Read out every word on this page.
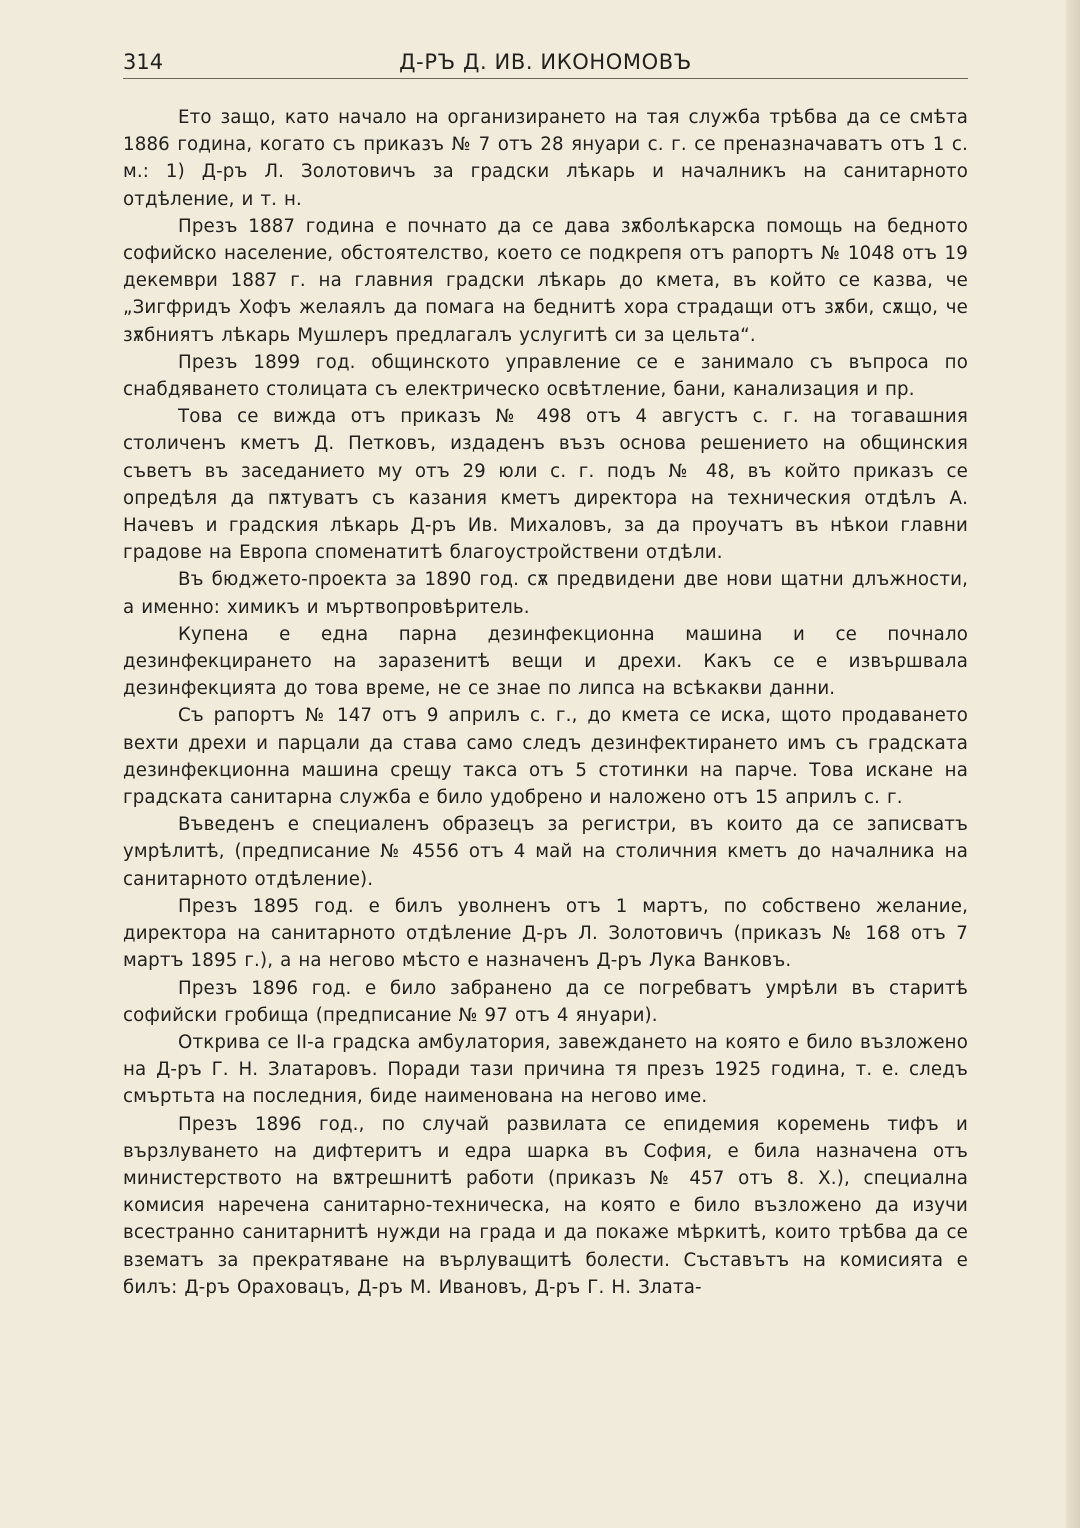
314	Д-РЪ Д. ИВ. ИКОНОМОВЪ

Ето защо, като начало на организирането на тая служба трѣбва да се смѣта 1886 година, когато съ приказъ № 7 отъ 28 януари с. г. се преназначаватъ отъ 1 с. м.: 1) Д-ръ Л. Золотовичъ за градски лѣкарь и началникъ на санитарното отдѣление, и т. н.

Презъ 1887 година е почнато да се дава зѫболѣкарска помощь на бедното софийско население, обстоятелство, което се подкрепя отъ рапортъ № 1048 отъ 19 декември 1887 г. на главния градски лѣкарь до кмета, въ който се казва, че „Зигфридъ Хофъ желаялъ да помага на беднитѣ хора страдащи отъ зѫби, сѫщо, че зѫбниятъ лѣкарь Мушлеръ предлагалъ услугитѣ си за цельта“.

Презъ 1899 год. общинското управление се е занимало съ въпроса по снабдяването столицата съ електрическо освѣтление, бани, канализация и пр.

Това се вижда отъ приказъ № 498 отъ 4 августъ с. г. на тогавашния столиченъ кметъ Д. Петковъ, издаденъ възъ основа решението на общинския съветъ въ заседанието му отъ 29 юли с. г. подъ № 48, въ който приказъ се опредѣля да пѫтуватъ съ казания кметъ директора на техническия отдѣлъ А. Начевъ и градския лѣкарь Д-ръ Ив. Михаловъ, за да проучатъ въ нѣкои главни градове на Европа споменатитѣ благоустройствени отдѣли.

Въ бюджето-проекта за 1890 год. сѫ предвидени две нови щатни длъжности, а именно: химикъ и мъртвопровѣритель.

Купена е една парна дезинфекционна машина и се почнало дезинфекцирането на заразенитѣ вещи и дрехи. Какъ се е извършвала дезинфекцията до това време, не се знае по липса на всѣкакви данни.

Съ рапортъ № 147 отъ 9 априлъ с. г., до кмета се иска, щото продаването вехти дрехи и парцали да става само следъ дезинфектирането имъ съ градската дезинфекционна машина срещу такса отъ 5 стотинки на парче. Това искане на градската санитарна служба е било удобрено и наложено отъ 15 априлъ с. г.

Въведенъ е специаленъ образецъ за регистри, въ които да се записватъ умрѣлитѣ, (предписание № 4556 отъ 4 май на столичния кметъ до началника на санитарното отдѣление).

Презъ 1895 год. е билъ уволненъ отъ 1 мартъ, по собствено желание, директора на санитарното отдѣление Д-ръ Л. Золотовичъ (приказъ № 168 отъ 7 мартъ 1895 г.), а на негово мѣсто е назначенъ Д-ръ Лука Ванковъ.

Презъ 1896 год. е било забранено да се погребватъ умрѣли въ старитѣ софийски гробища (предписание № 97 отъ 4 януари).

Открива се II-а градска амбулатория, завеждането на която е било възложено на Д-ръ Г. Н. Златаровъ. Поради тази причина тя презъ 1925 година, т. е. следъ смъртьта на последния, биде наименована на негово име.

Презъ 1896 год., по случай развилата се епидемия коремень тифъ и вързлуването на дифтеритъ и едра шарка въ София, е била назначена отъ министерството на вѫтрешнитѣ работи (приказъ № 457 отъ 8. X.), специална комисия наречена санитарно-техническа, на която е било възложено да изучи всестранно санитарнитѣ нужди на града и да покаже мѣркитѣ, които трѣбва да се взематъ за прекратяване на върлуващитѣ болести. Съставътъ на комисията е билъ: Д-ръ Ораховацъ, Д-ръ М. Ивановъ, Д-ръ Г. Н. Злата-
